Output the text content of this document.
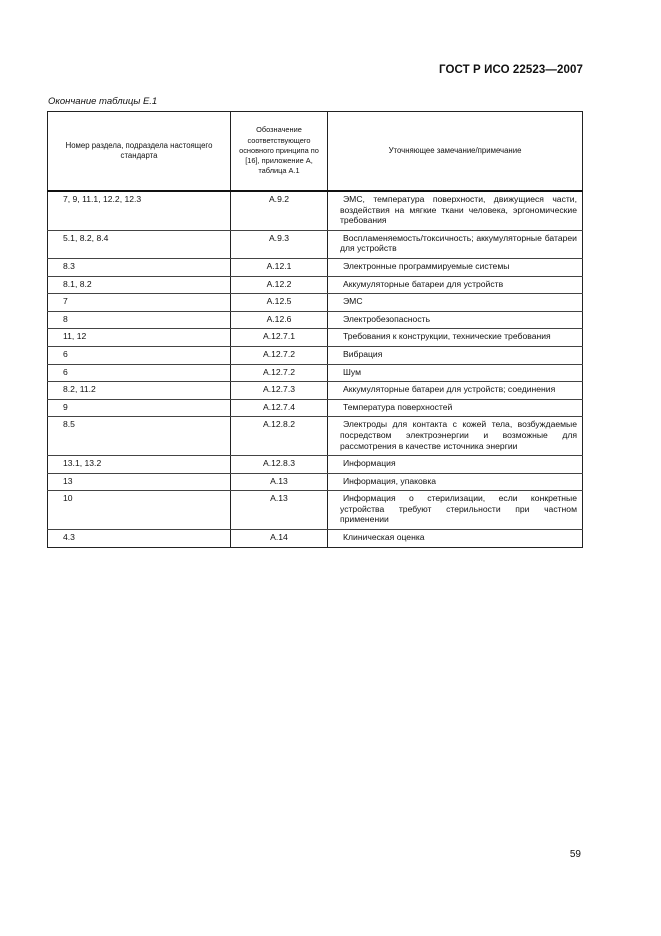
ГОСТ Р ИСО 22523—2007
Окончание таблицы Е.1
Номер раздела, подраздела настоящего стандарта	Обозначение соответствующего основного принципа по [16], приложение А, таблица А.1	Уточняющее замечание/примечание
7, 9, 11.1, 12.2, 12.3	А.9.2	ЭМС, температура поверхности, движущиеся части, воздействия на мягкие ткани человека, эргономические требования
5.1, 8.2, 8.4	А.9.3	Воспламеняемость/токсичность; аккумуляторные батареи для устройств
8.3	А.12.1	Электронные программируемые системы
8.1, 8.2	А.12.2	Аккумуляторные батареи для устройств
7	А.12.5	ЭМС
8	А.12.6	Электробезопасность
11, 12	А.12.7.1	Требования к конструкции, технические требования
6	А.12.7.2	Вибрация
6	А.12.7.2	Шум
8.2, 11.2	А.12.7.3	Аккумуляторные батареи для устройств; соединения
9	А.12.7.4	Температура поверхностей
8.5	А.12.8.2	Электроды для контакта с кожей тела, возбуждаемые посредством электроэнергии и возможные для рассмотрения в качестве источника энергии
13.1, 13.2	А.12.8.3	Информация
13	А.13	Информация, упаковка
10	А.13	Информация о стерилизации, если конкретные устройства требуют стерильности при частном применении
4.3	А.14	Клиническая оценка
59
